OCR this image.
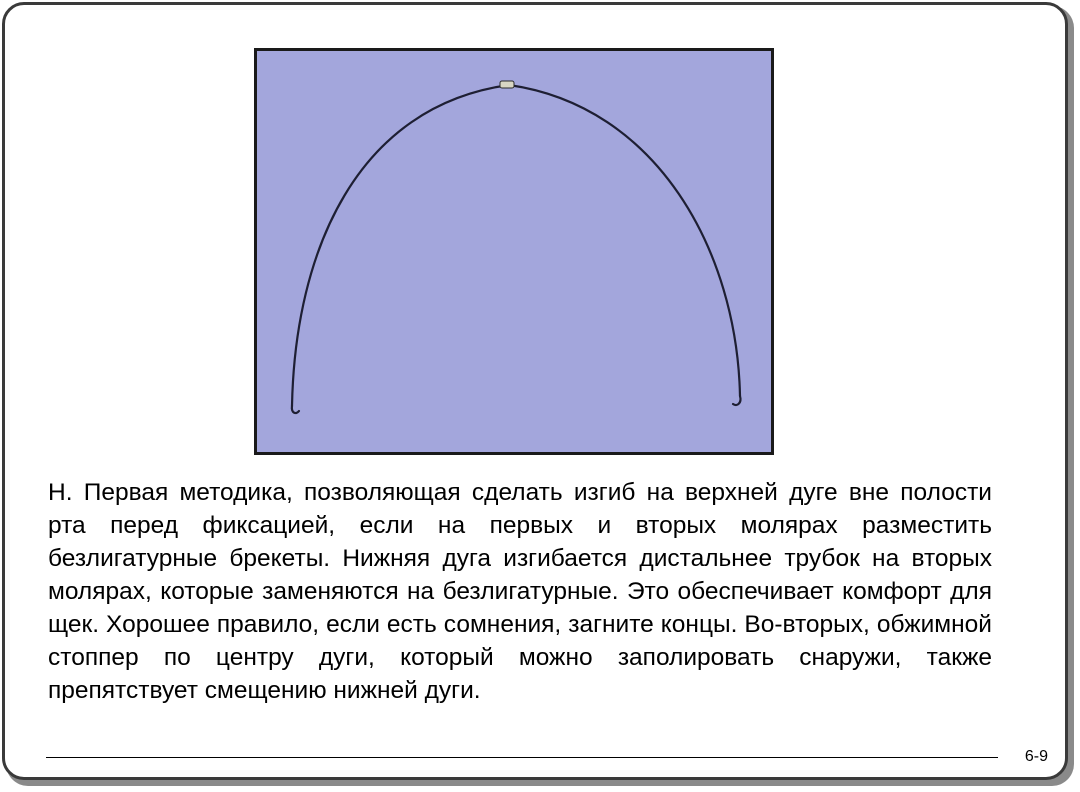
Н. Первая методика, позволяющая сделать изгиб на верхней дуге вне полости рта перед фиксацией, если на первых и вторых молярах разместить безлигатурные брекеты. Нижняя дуга изгибается дистальнее трубок на вторых молярах, которые заменяются на безлигатурные. Это обеспечивает комфорт для щек. Хорошее правило, если есть сомнения, загните концы. Во-вторых, обжимной стоппер по центру дуги, который можно заполировать снаружи, также препятствует смещению нижней дуги.

6-9
